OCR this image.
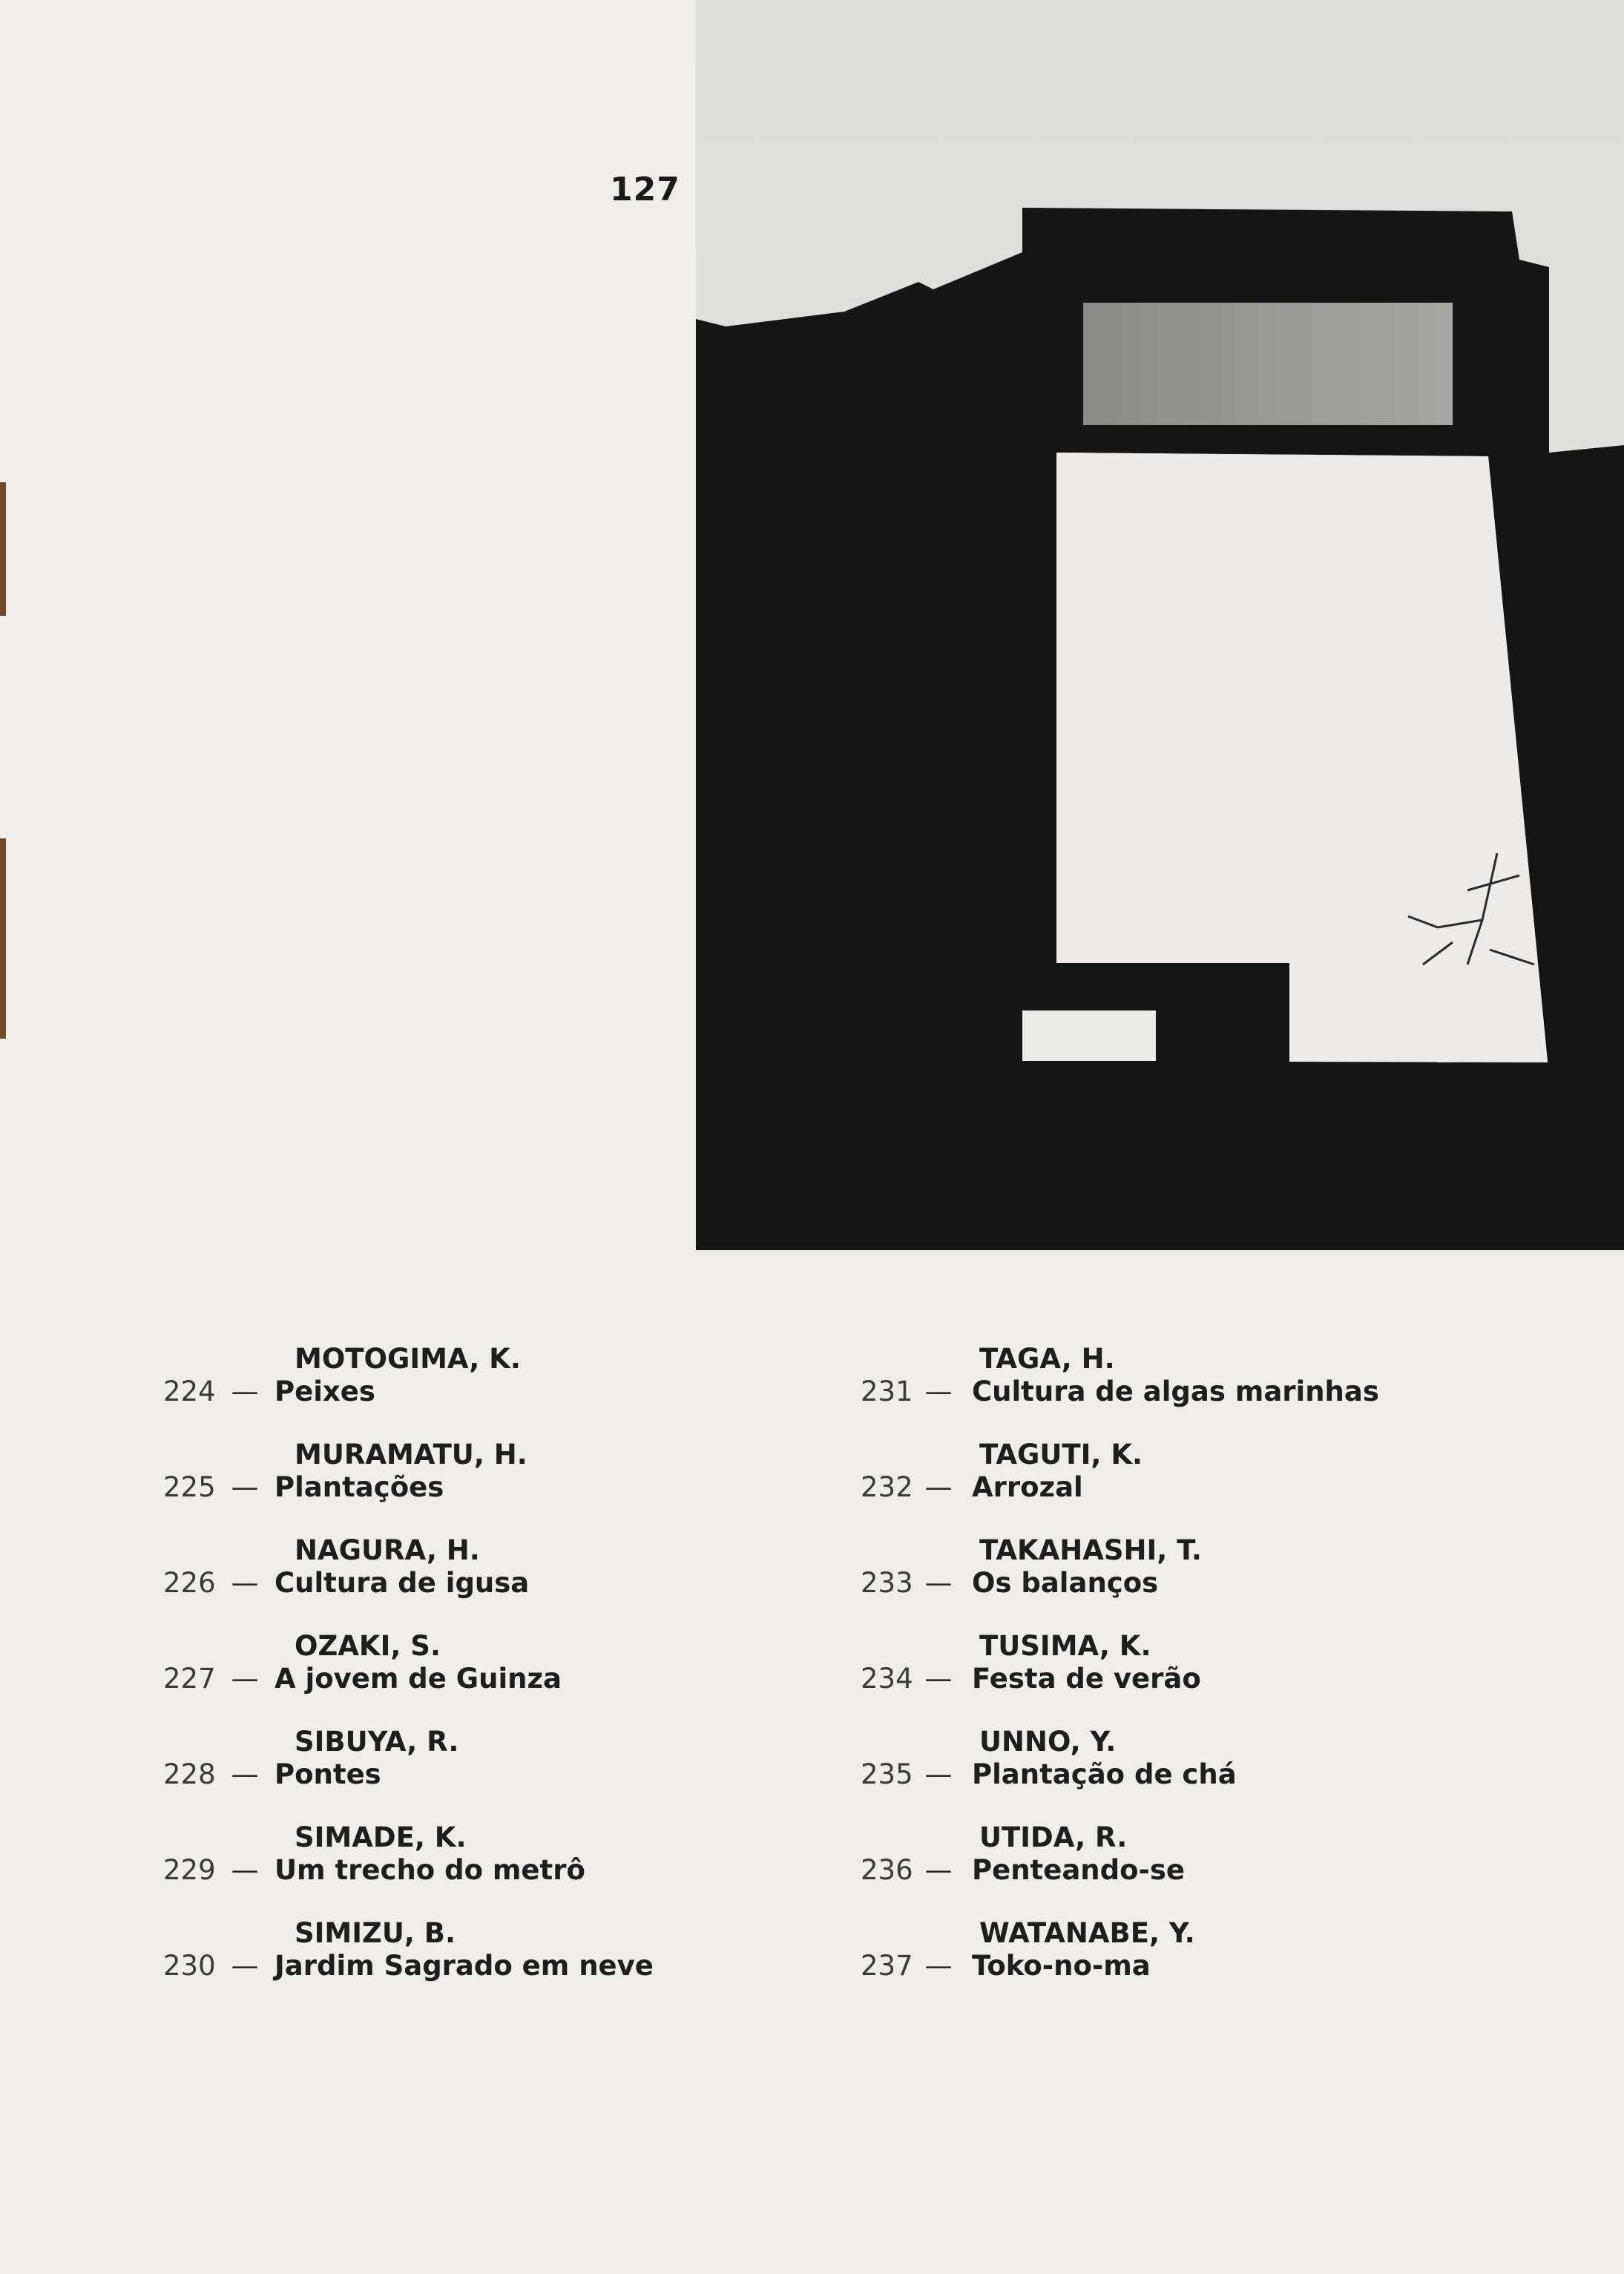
127
MOTOGIMA, K.
224 — Peixes
MURAMATU, H.
225 — Plantações
NAGURA, H.
226 — Cultura de igusa
OZAKI, S.
227 — A jovem de Guinza
SIBUYA, R.
228 — Pontes
SIMADE, K.
229 — Um trecho do metrô
SIMIZU, B.
230 — Jardim Sagrado em neve
TAGA, H.
231 — Cultura de algas marinhas
TAGUTI, K.
232 — Arrozal
TAKAHASHI, T.
233 — Os balanços
TUSIMA, K.
234 — Festa de verão
UNNO, Y.
235 — Plantação de chá
UTIDA, R.
236 — Penteando-se
WATANABE, Y.
237 — Toko-no-ma
